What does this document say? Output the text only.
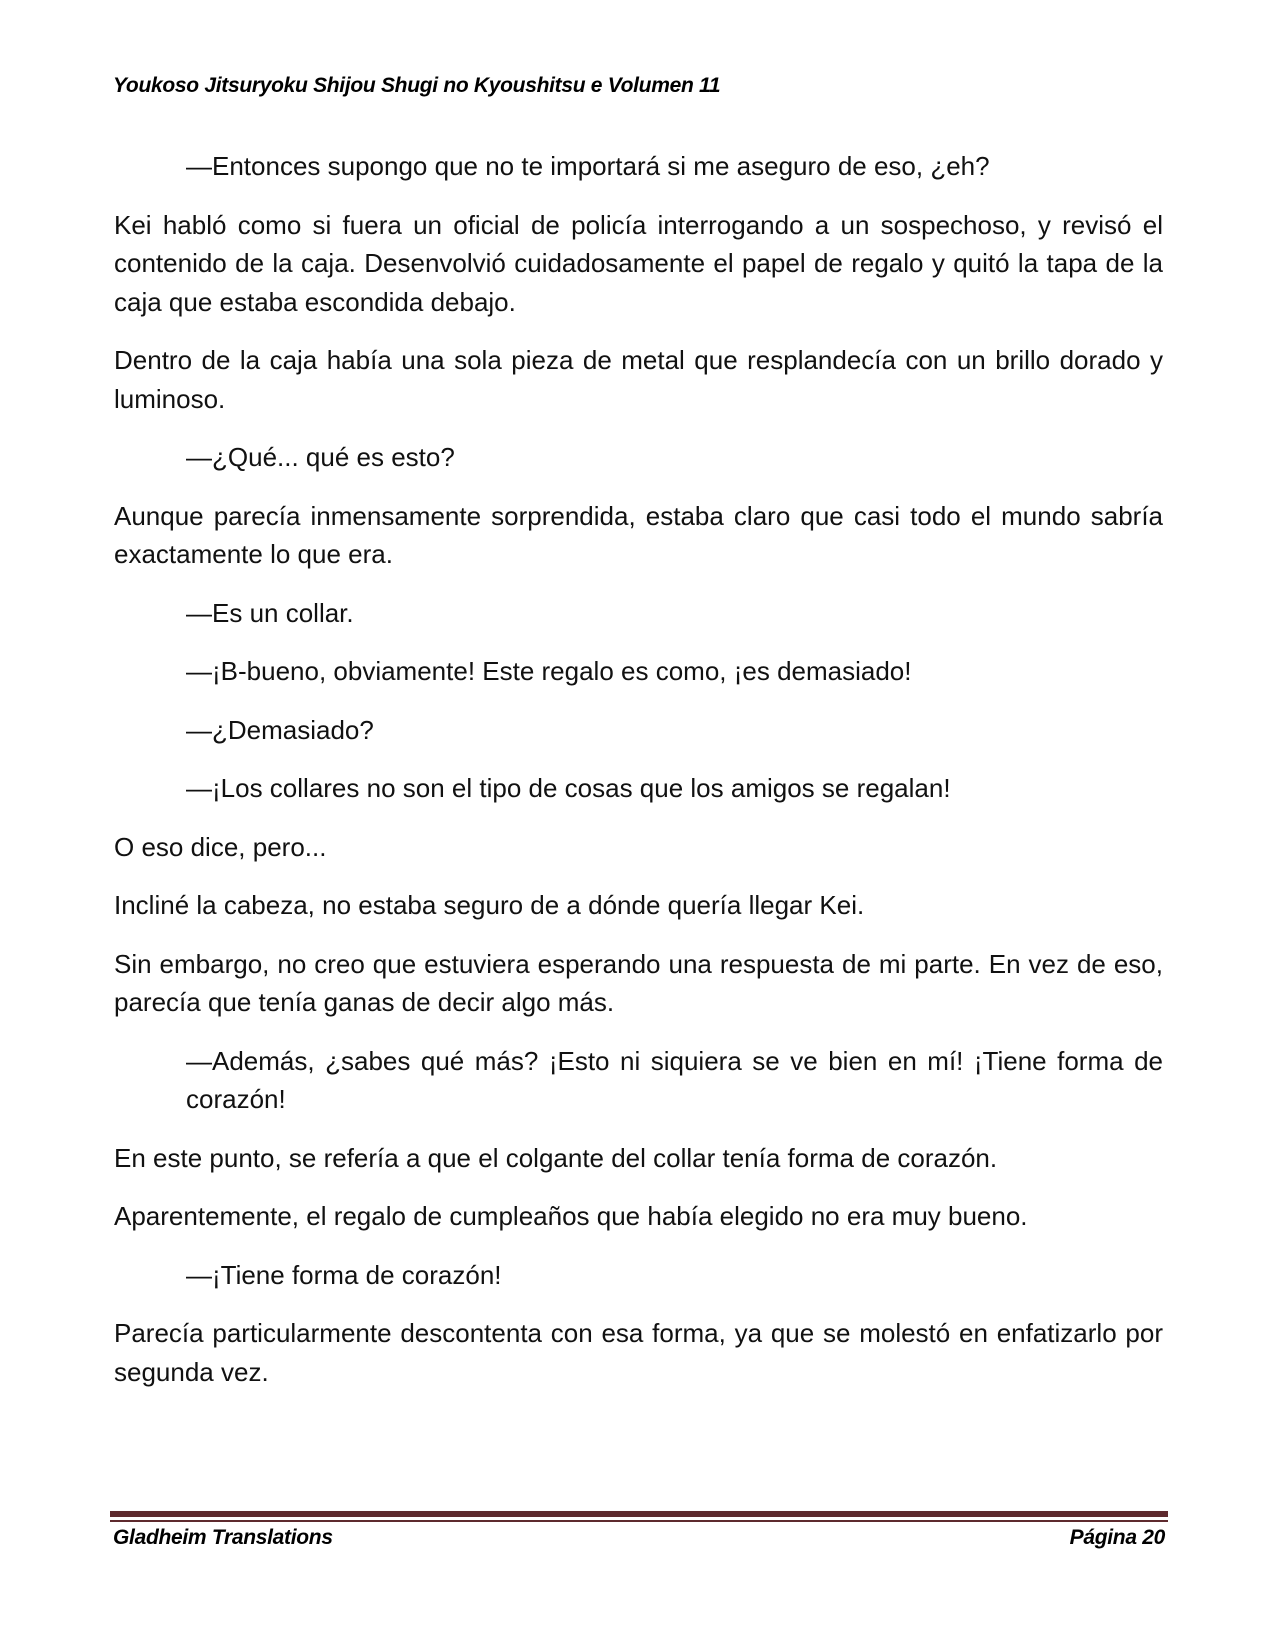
Youkoso Jitsuryoku Shijou Shugi no Kyoushitsu e Volumen 11

—Entonces supongo que no te importará si me aseguro de eso, ¿eh?

Kei habló como si fuera un oficial de policía interrogando a un sospechoso, y revisó el contenido de la caja. Desenvolvió cuidadosamente el papel de regalo y quitó la tapa de la caja que estaba escondida debajo.

Dentro de la caja había una sola pieza de metal que resplandecía con un brillo dorado y luminoso.

—¿Qué... qué es esto?

Aunque parecía inmensamente sorprendida, estaba claro que casi todo el mundo sabría exactamente lo que era.

—Es un collar.

—¡B-bueno, obviamente! Este regalo es como, ¡es demasiado!

—¿Demasiado?

—¡Los collares no son el tipo de cosas que los amigos se regalan!

O eso dice, pero...

Incliné la cabeza, no estaba seguro de a dónde quería llegar Kei.

Sin embargo, no creo que estuviera esperando una respuesta de mi parte. En vez de eso, parecía que tenía ganas de decir algo más.

—Además, ¿sabes qué más? ¡Esto ni siquiera se ve bien en mí! ¡Tiene forma de corazón!

En este punto, se refería a que el colgante del collar tenía forma de corazón.

Aparentemente, el regalo de cumpleaños que había elegido no era muy bueno.

—¡Tiene forma de corazón!

Parecía particularmente descontenta con esa forma, ya que se molestó en enfatizarlo por segunda vez.

Gladheim Translations	Página 20
